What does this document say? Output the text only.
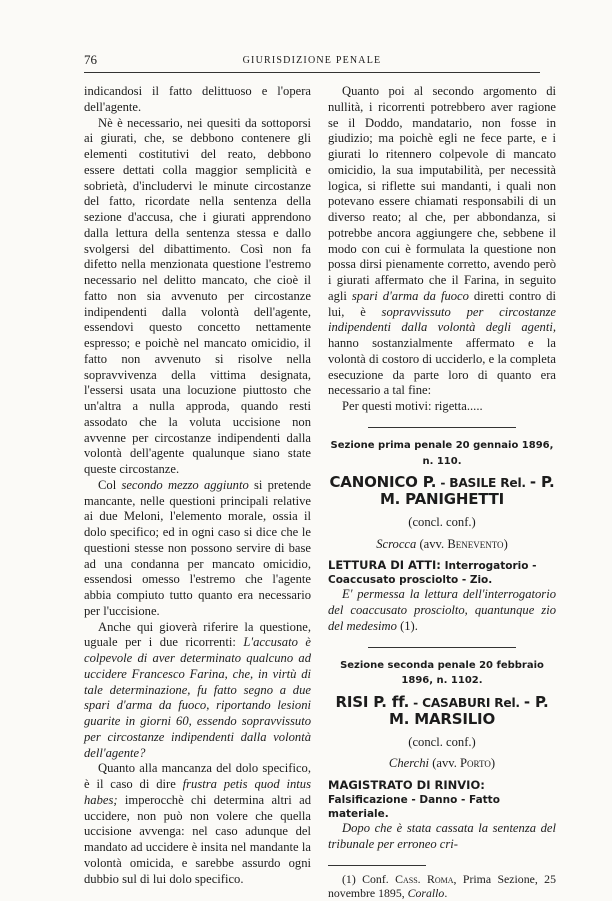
76	GIURISDIZIONE PENALE

indicandosi il fatto delittuoso e l'opera dell'agente.

Nè è necessario, nei quesiti da sottoporsi ai giurati, che, se debbono contenere gli elementi costitutivi del reato, debbono essere dettati colla maggior semplicità e sobrietà, d'includervi le minute circostanze del fatto, ricordate nella sentenza della sezione d'accusa, che i giurati apprendono dalla lettura della sentenza stessa e dallo svolgersi del dibattimento. Così non fa difetto nella menzionata questione l'estremo necessario nel delitto mancato, che cioè il fatto non sia avvenuto per circostanze indipendenti dalla volontà dell'agente, essendovi questo concetto nettamente espresso; e poichè nel mancato omicidio, il fatto non avvenuto si risolve nella sopravvivenza della vittima designata, l'essersi usata una locuzione piuttosto che un'altra a nulla approda, quando resti assodato che la voluta uccisione non avvenne per circostanze indipendenti dalla volontà dell'agente qualunque siano state queste circostanze.

Col secondo mezzo aggiunto si pretende mancante, nelle questioni principali relative ai due Meloni, l'elemento morale, ossia il dolo specifico; ed in ogni caso si dice che le questioni stesse non possono servire di base ad una condanna per mancato omicidio, essendosi omesso l'estremo che l'agente abbia compiuto tutto quanto era necessario per l'uccisione.

Anche qui gioverà riferire la questione, uguale per i due ricorrenti: L'accusato è colpevole di aver determinato qualcuno ad uccidere Francesco Farina, che, in virtù di tale determinazione, fu fatto segno a due spari d'arma da fuoco, riportando lesioni guarite in giorni 60, essendo sopravvissuto per circostanze indipendenti dalla volontà dell'agente?

Quanto alla mancanza del dolo specifico, è il caso di dire frustra petis quod intus habes; imperocchè chi determina altri ad uccidere, non può non volere che quella uccisione avvenga: nel caso adunque del mandato ad uccidere è insita nel mandante la volontà omicida, e sarebbe assurdo ogni dubbio sul di lui dolo specifico.

Quanto poi al secondo argomento di nullità, i ricorrenti potrebbero aver ragione se il Doddo, mandatario, non fosse in giudizio; ma poichè egli ne fece parte, e i giurati lo ritennero colpevole di mancato omicidio, la sua imputabilità, per necessità logica, si riflette sui mandanti, i quali non potevano essere chiamati responsabili di un diverso reato; al che, per abbondanza, si potrebbe ancora aggiungere che, sebbene il modo con cui è formulata la questione non possa dirsi pienamente corretto, avendo però i giurati affermato che il Farina, in seguito agli spari d'arma da fuoco diretti contro di lui, è sopravvissuto per circostanze indipendenti dalla volontà degli agenti, hanno sostanzialmente affermato e la volontà di costoro di ucciderlo, e la completa esecuzione da parte loro di quanto era necessario a tal fine:

Per questi motivi: rigetta.....

Sezione prima penale 20 gennaio 1896, n. 110.
CANONICO P. - BASILE Rel. - P. M. PANIGHETTI
(concl. conf.)
Scrocca (avv. Benevento)

LETTURA DI ATTI: Interrogatorio - Coaccusato prosciolto - Zio.

E' permessa la lettura dell'interrogatorio del coaccusato prosciolto, quantunque zio del medesimo (1).

Sezione seconda penale 20 febbraio 1896, n. 1102.
RISI P. ff. - CASABURI Rel. - P. M. MARSILIO
(concl. conf.)
Cherchi (avv. Porto)

MAGISTRATO DI RINVIO: Falsificazione - Danno - Fatto materiale.

Dopo che è stata cassata la sentenza del tribunale per erroneo cri-

(1) Conf. Cass. Roma, Prima Sezione, 25 novembre 1895, Corallo.
